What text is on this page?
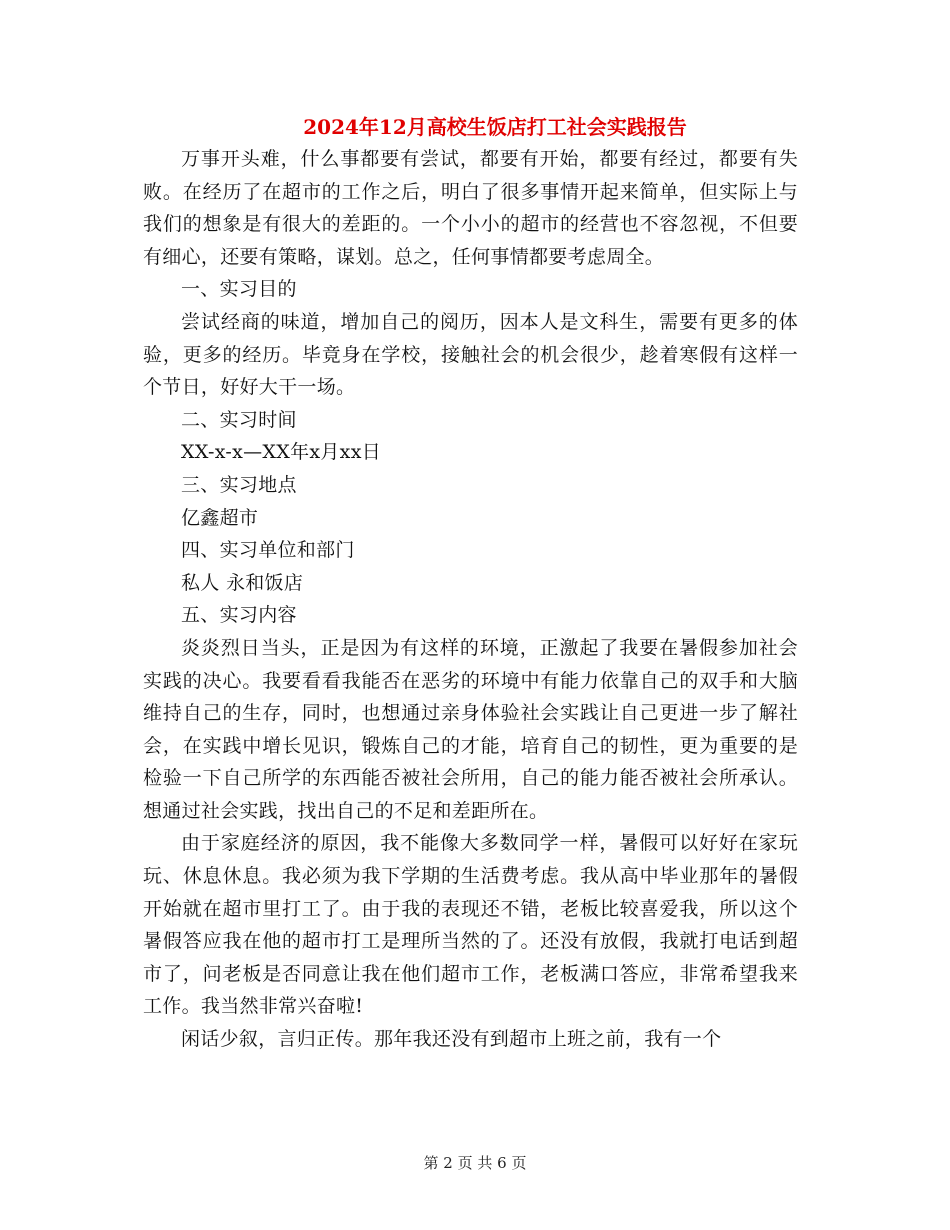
2024年12月高校生饭店打工社会实践报告

万事开头难，什么事都要有尝试，都要有开始，都要有经过，都要有失败。在经历了在超市的工作之后，明白了很多事情开起来简单，但实际上与我们的想象是有很大的差距的。一个小小的超市的经营也不容忽视，不但要有细心，还要有策略，谋划。总之，任何事情都要考虑周全。

一、实习目的

尝试经商的味道，增加自己的阅历，因本人是文科生，需要有更多的体验，更多的经历。毕竟身在学校，接触社会的机会很少，趁着寒假有这样一个节日，好好大干一场。

二、实习时间

XX-x-x—XX年x月xx日

三、实习地点

亿鑫超市

四、实习单位和部门

私人 永和饭店

五、实习内容

炎炎烈日当头，正是因为有这样的环境，正激起了我要在暑假参加社会实践的决心。我要看看我能否在恶劣的环境中有能力依靠自己的双手和大脑维持自己的生存，同时，也想通过亲身体验社会实践让自己更进一步了解社会，在实践中增长见识，锻炼自己的才能，培育自己的韧性，更为重要的是检验一下自己所学的东西能否被社会所用，自己的能力能否被社会所承认。想通过社会实践，找出自己的不足和差距所在。

由于家庭经济的原因，我不能像大多数同学一样，暑假可以好好在家玩玩、休息休息。我必须为我下学期的生活费考虑。我从高中毕业那年的暑假开始就在超市里打工了。由于我的表现还不错，老板比较喜爱我，所以这个暑假答应我在他的超市打工是理所当然的了。还没有放假，我就打电话到超市了，问老板是否同意让我在他们超市工作，老板满口答应，非常希望我来工作。我当然非常兴奋啦!

闲话少叙，言归正传。那年我还没有到超市上班之前，我有一个

第 2 页 共 6 页
